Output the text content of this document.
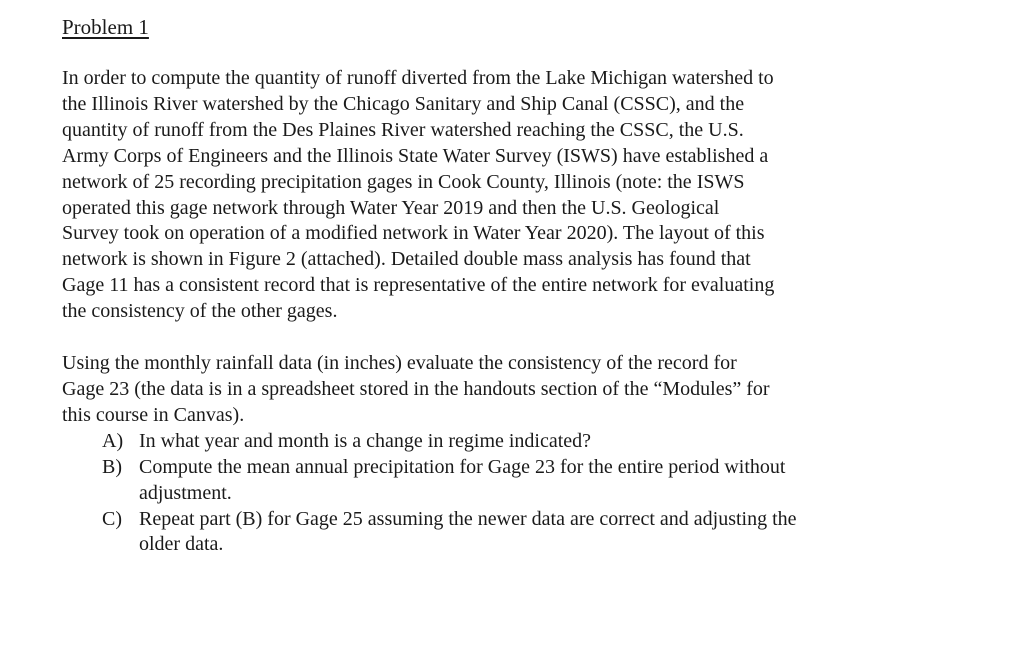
Problem 1

In order to compute the quantity of runoff diverted from the Lake Michigan watershed to
the Illinois River watershed by the Chicago Sanitary and Ship Canal (CSSC), and the
quantity of runoff from the Des Plaines River watershed reaching the CSSC, the U.S.
Army Corps of Engineers and the Illinois State Water Survey (ISWS) have established a
network of 25 recording precipitation gages in Cook County, Illinois (note: the ISWS
operated this gage network through Water Year 2019 and then the U.S. Geological
Survey took on operation of a modified network in Water Year 2020). The layout of this
network is shown in Figure 2 (attached). Detailed double mass analysis has found that
Gage 11 has a consistent record that is representative of the entire network for evaluating
the consistency of the other gages.

Using the monthly rainfall data (in inches) evaluate the consistency of the record for
Gage 23 (the data is in a spreadsheet stored in the handouts section of the “Modules” for
this course in Canvas).

A) In what year and month is a change in regime indicated?
B) Compute the mean annual precipitation for Gage 23 for the entire period without
adjustment.
C) Repeat part (B) for Gage 25 assuming the newer data are correct and adjusting the
older data.
